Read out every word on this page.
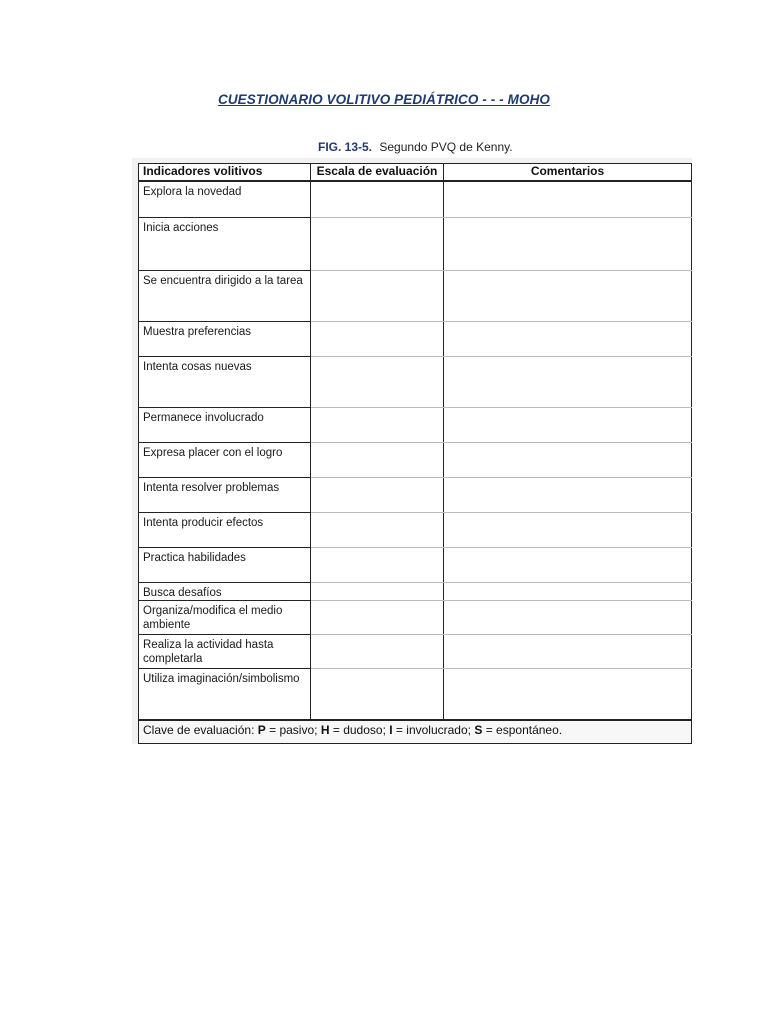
CUESTIONARIO VOLITIVO PEDIÁTRICO - - - MOHO
FIG. 13-5. Segundo PVQ de Kenny.
Indicadores volitivos	Escala de evaluación	Comentarios
Explora la novedad		
Inicia acciones		
Se encuentra dirigido a la tarea		
Muestra preferencias		
Intenta cosas nuevas		
Permanece involucrado		
Expresa placer con el logro		
Intenta resolver problemas		
Intenta producir efectos		
Practica habilidades		
Busca desafíos		
Organiza/modifica el medio ambiente		
Realiza la actividad hasta completarla		
Utiliza imaginación/simbolismo		
Clave de evaluación: P = pasivo; H = dudoso; I = involucrado; S = espontáneo.		
